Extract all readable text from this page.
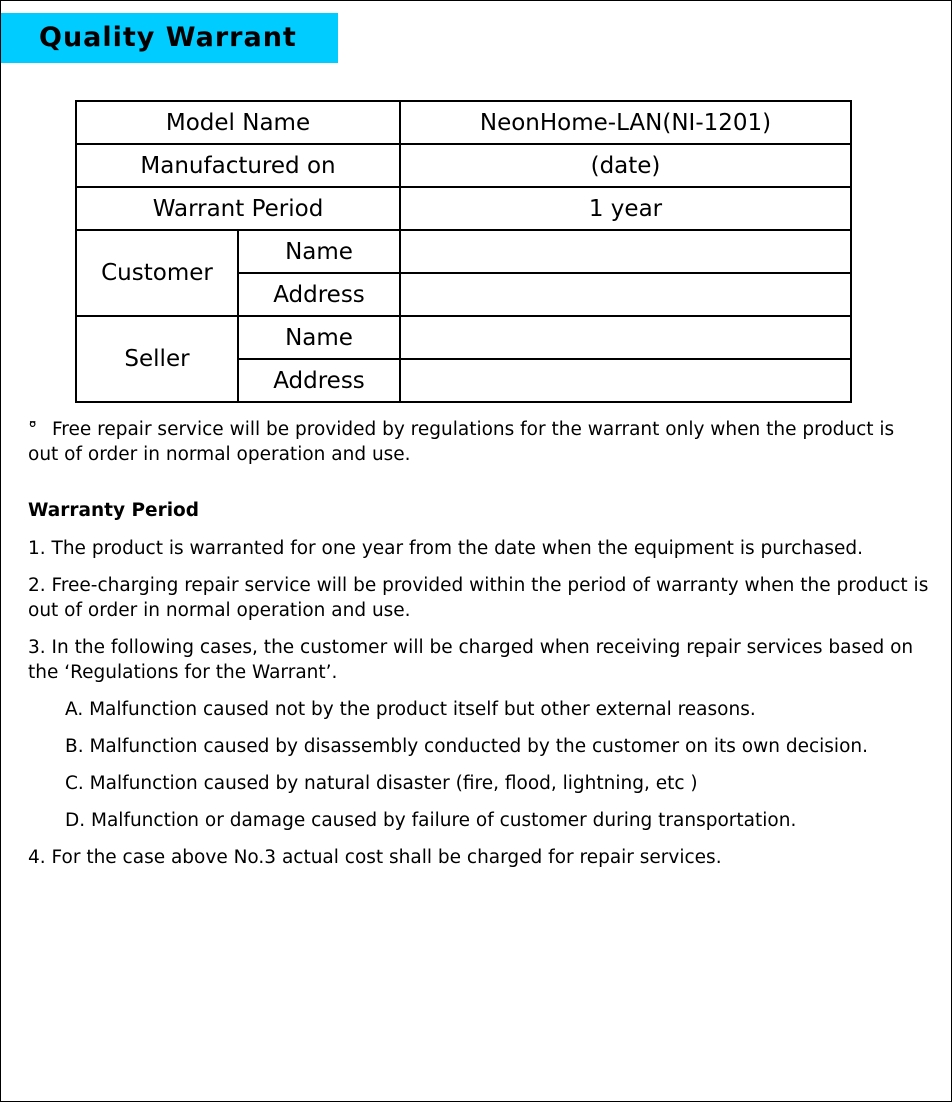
Quality Warrant
Model Name		NeonHome-LAN(NI-1201)
Manufactured on		(date)
Warrant Period		1 year
Customer	Name	
	Address	
Seller	Name	
	Address	
°̄ Free repair service will be provided by regulations for the warrant only when the product is out of order in normal operation and use.

Warranty Period

1. The product is warranted for one year from the date when the equipment is purchased.

2. Free-charging repair service will be provided within the period of warranty when the product is out of order in normal operation and use.

3. In the following cases, the customer will be charged when receiving repair services based on the ‘Regulations for the Warrant’.

A. Malfunction caused not by the product itself but other external reasons.

B. Malfunction caused by disassembly conducted by the customer on its own decision.

C. Malfunction caused by natural disaster (fire, flood, lightning, etc )

D. Malfunction or damage caused by failure of customer during transportation.

4. For the case above No.3 actual cost shall be charged for repair services.
